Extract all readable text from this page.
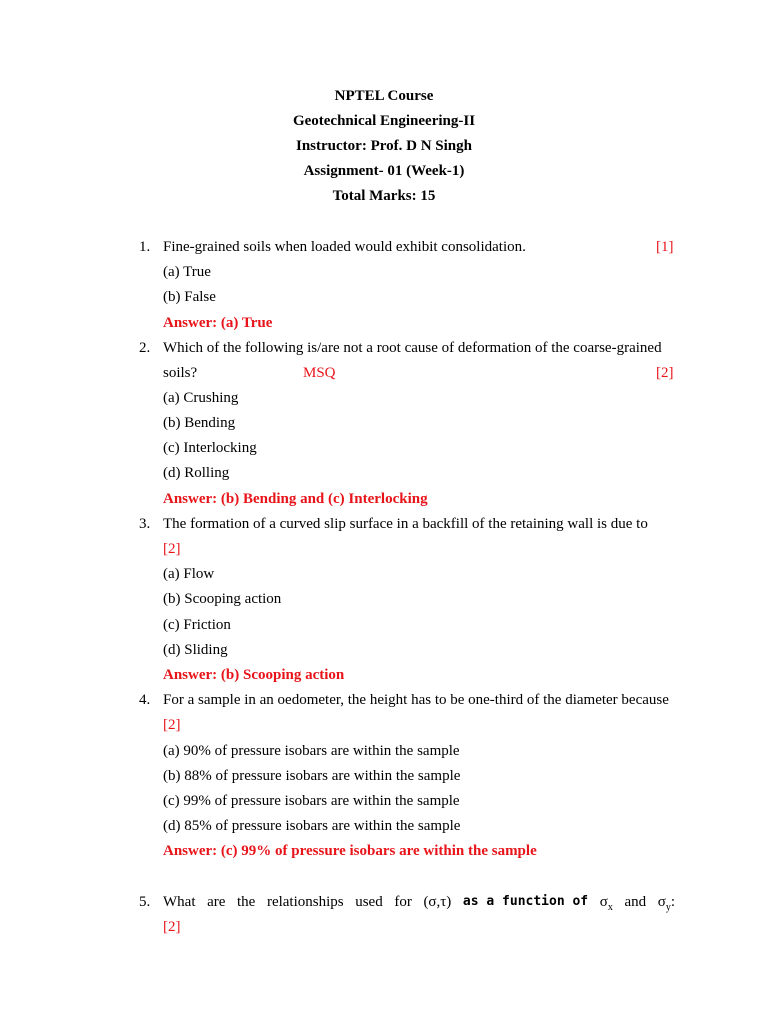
NPTEL Course
Geotechnical Engineering-II
Instructor: Prof. D N Singh
Assignment- 01 (Week-1)
Total Marks: 15
1. Fine-grained soils when loaded would exhibit consolidation.	[1]
(a) True
(b) False
Answer: (a) True
2. Which of the following is/are not a root cause of deformation of the coarse-grained
soils?	MSQ	[2]
(a) Crushing
(b) Bending
(c) Interlocking
(d) Rolling
Answer: (b) Bending and (c) Interlocking
3. The formation of a curved slip surface in a backfill of the retaining wall is due to
[2]
(a) Flow
(b) Scooping action
(c) Friction
(d) Sliding
Answer: (b) Scooping action
4. For a sample in an oedometer, the height has to be one-third of the diameter because
[2]
(a) 90% of pressure isobars are within the sample
(b) 88% of pressure isobars are within the sample
(c) 99% of pressure isobars are within the sample
(d) 85% of pressure isobars are within the sample
Answer: (c) 99% of pressure isobars are within the sample
5. What are the relationships used for (σ,τ) as a function of $\sigma_x$ and $\sigma_y$:
[2]
